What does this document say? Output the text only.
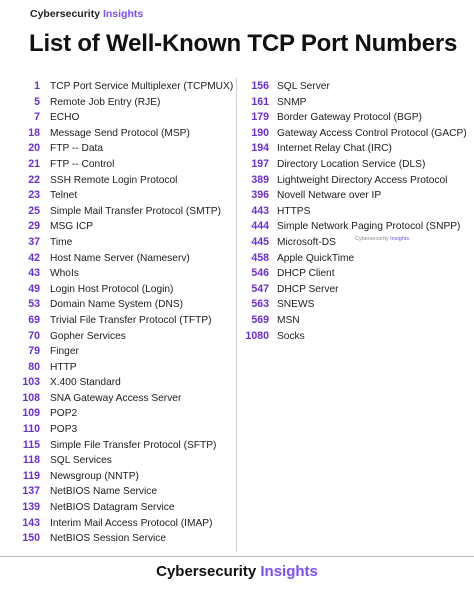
Cybersecurity Insights
List of Well-Known TCP Port Numbers
1 TCP Port Service Multiplexer (TCPMUX)
5 Remote Job Entry (RJE)
7 ECHO
18 Message Send Protocol (MSP)
20 FTP -- Data
21 FTP -- Control
22 SSH Remote Login Protocol
23 Telnet
25 Simple Mail Transfer Protocol (SMTP)
29 MSG ICP
37 Time
42 Host Name Server (Nameserv)
43 WhoIs
49 Login Host Protocol (Login)
53 Domain Name System (DNS)
69 Trivial File Transfer Protocol (TFTP)
70 Gopher Services
79 Finger
80 HTTP
103 X.400 Standard
108 SNA Gateway Access Server
109 POP2
110 POP3
115 Simple File Transfer Protocol (SFTP)
118 SQL Services
119 Newsgroup (NNTP)
137 NetBIOS Name Service
139 NetBIOS Datagram Service
143 Interim Mail Access Protocol (IMAP)
150 NetBIOS Session Service
156 SQL Server
161 SNMP
179 Border Gateway Protocol (BGP)
190 Gateway Access Control Protocol (GACP)
194 Internet Relay Chat (IRC)
197 Directory Location Service (DLS)
389 Lightweight Directory Access Protocol
396 Novell Netware over IP
443 HTTPS
444 Simple Network Paging Protocol (SNPP)
445 Microsoft-DS
458 Apple QuickTime
546 DHCP Client
547 DHCP Server
563 SNEWS
569 MSN
1080 Socks
Cybersecurity Insights
Cybersecurity Insights
